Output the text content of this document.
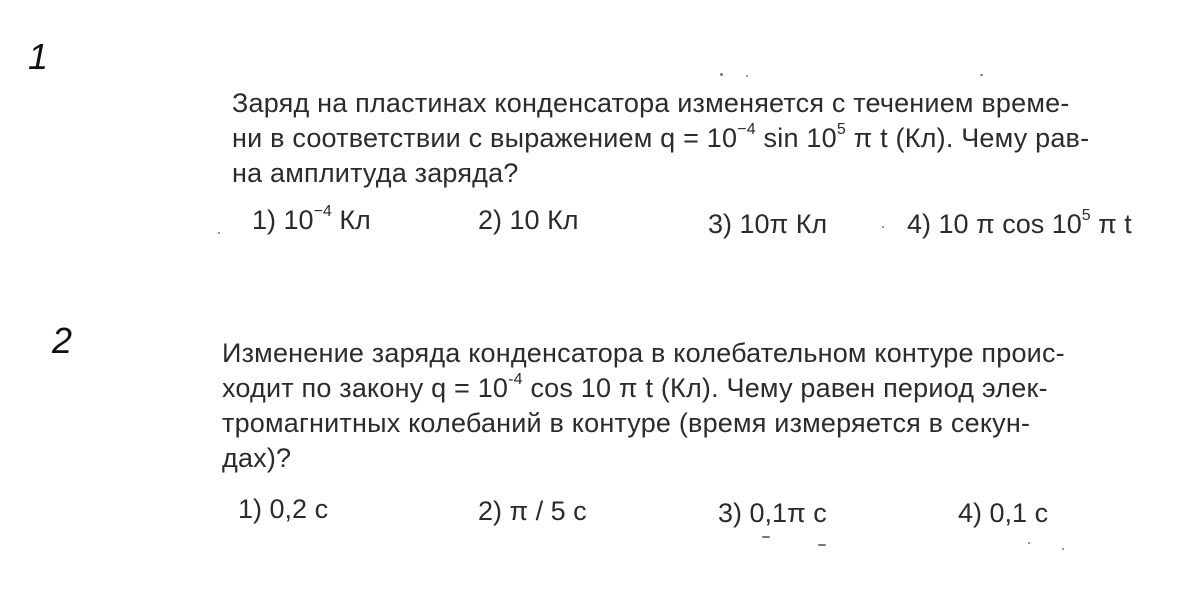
1
Заряд на пластинах конденсатора изменяется с течением време-
ни в соответствии с выражением $q = 10^{-4}$ $\sin 10^5$ π t (Кл). Чему рав-
на амплитуда заряда?
1) $10^{-4}$ Кл	2) 10 Кл	3) 10π Кл	4) 10 π $\cos 10^5$ π t
2	Изменение заряда конденсатора в колебательном контуре проис-
ходит по закону $q = 10^{-4}$ cos 10 π t (Кл). Чему равен период элек-
тромагнитных колебаний в контуре (время измеряется в секун-
дах)?
1) 0,2 с	2) π / 5 с	3) 0,1π с	4) 0,1 с
